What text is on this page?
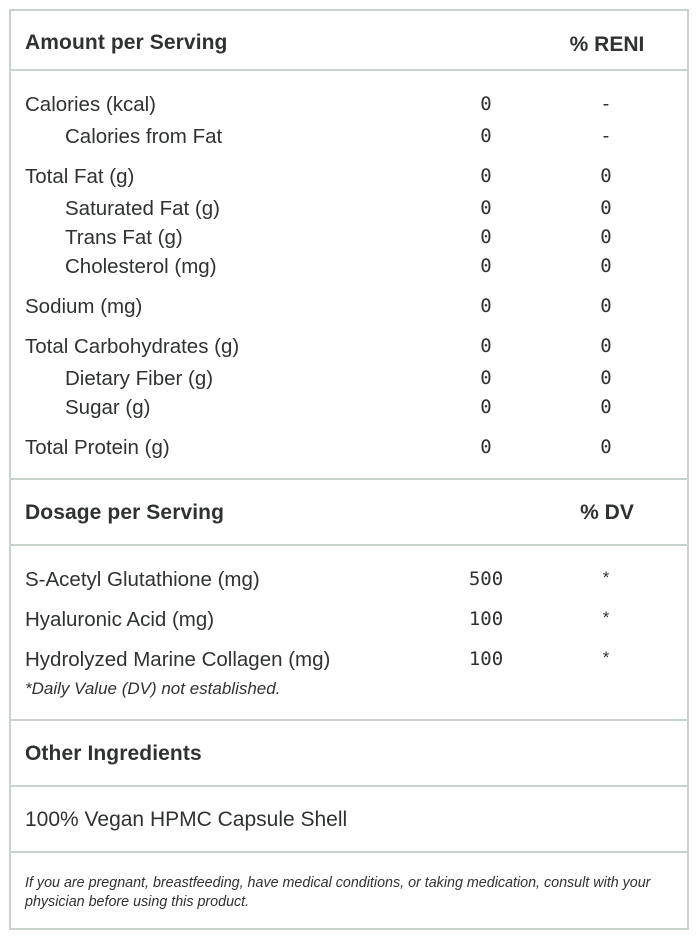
Amount per Serving	% RENI
Calories (kcal)	0	-
Calories from Fat	0	-
Total Fat (g)	0	0
Saturated Fat (g)	0	0
Trans Fat (g)	0	0
Cholesterol (mg)	0	0
Sodium (mg)	0	0
Total Carbohydrates (g)	0	0
Dietary Fiber (g)	0	0
Sugar (g)	0	0
Total Protein (g)	0	0
Dosage per Serving	% DV
S-Acetyl Glutathione (mg)	500	*
Hyaluronic Acid (mg)	100	*
Hydrolyzed Marine Collagen (mg)	100	*
*Daily Value (DV) not established.
Other Ingredients
100% Vegan HPMC Capsule Shell
If you are pregnant, breastfeeding, have medical conditions, or taking medication, consult with your physician before using this product.
